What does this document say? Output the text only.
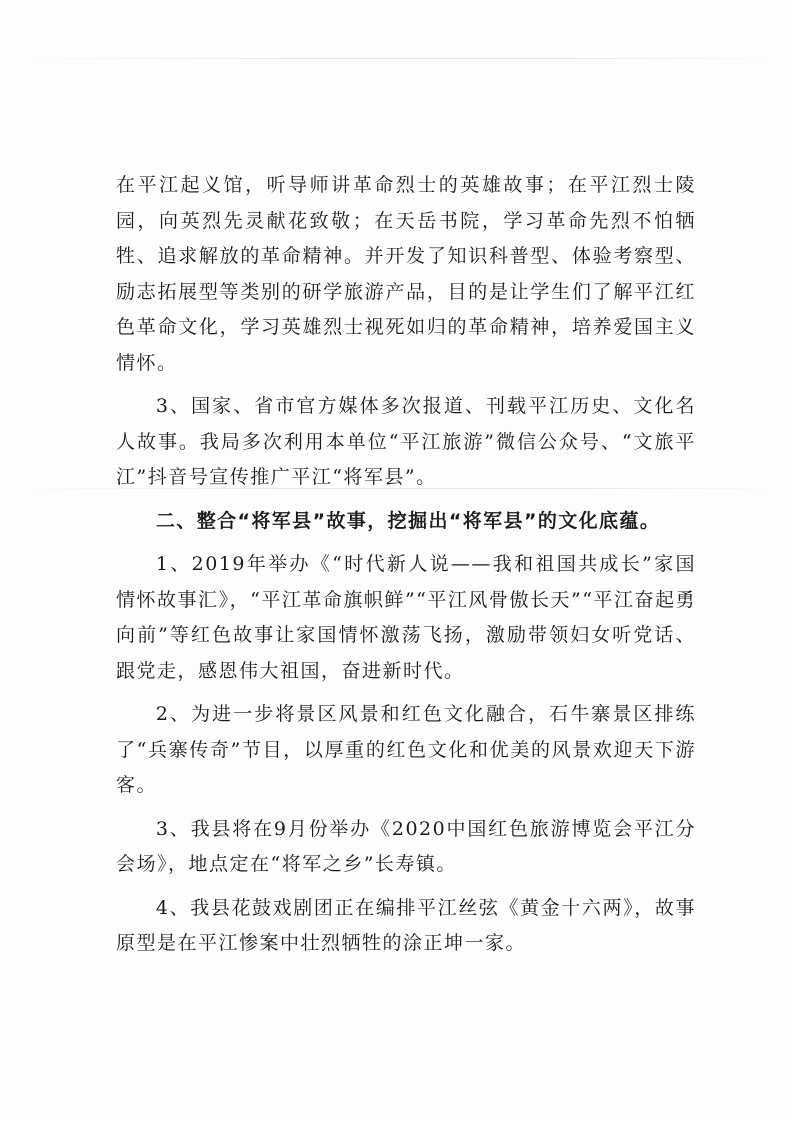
在平江起义馆，听导师讲革命烈士的英雄故事；在平江烈士陵园，向英烈先灵献花致敬；在天岳书院，学习革命先烈不怕牺牲、追求解放的革命精神。并开发了知识科普型、体验考察型、励志拓展型等类别的研学旅游产品，目的是让学生们了解平江红色革命文化，学习英雄烈士视死如归的革命精神，培养爱国主义情怀。

3、国家、省市官方媒体多次报道、刊载平江历史、文化名人故事。我局多次利用本单位“平江旅游”微信公众号、“文旅平江”抖音号宣传推广平江“将军县”。

二、整合“将军县”故事，挖掘出“将军县”的文化底蕴。

1、2019年举办《“时代新人说——我和祖国共成长”家国情怀故事汇》，“平江革命旗帜鲜”“平江风骨傲长天”“平江奋起勇向前”等红色故事让家国情怀激荡飞扬，激励带领妇女听党话、跟党走，感恩伟大祖国，奋进新时代。

2、为进一步将景区风景和红色文化融合，石牛寨景区排练了“兵寨传奇”节目，以厚重的红色文化和优美的风景欢迎天下游客。

3、我县将在9月份举办《2020中国红色旅游博览会平江分会场》，地点定在“将军之乡”长寿镇。

4、我县花鼓戏剧团正在编排平江丝弦《黄金十六两》，故事原型是在平江惨案中壮烈牺牲的涂正坤一家。
